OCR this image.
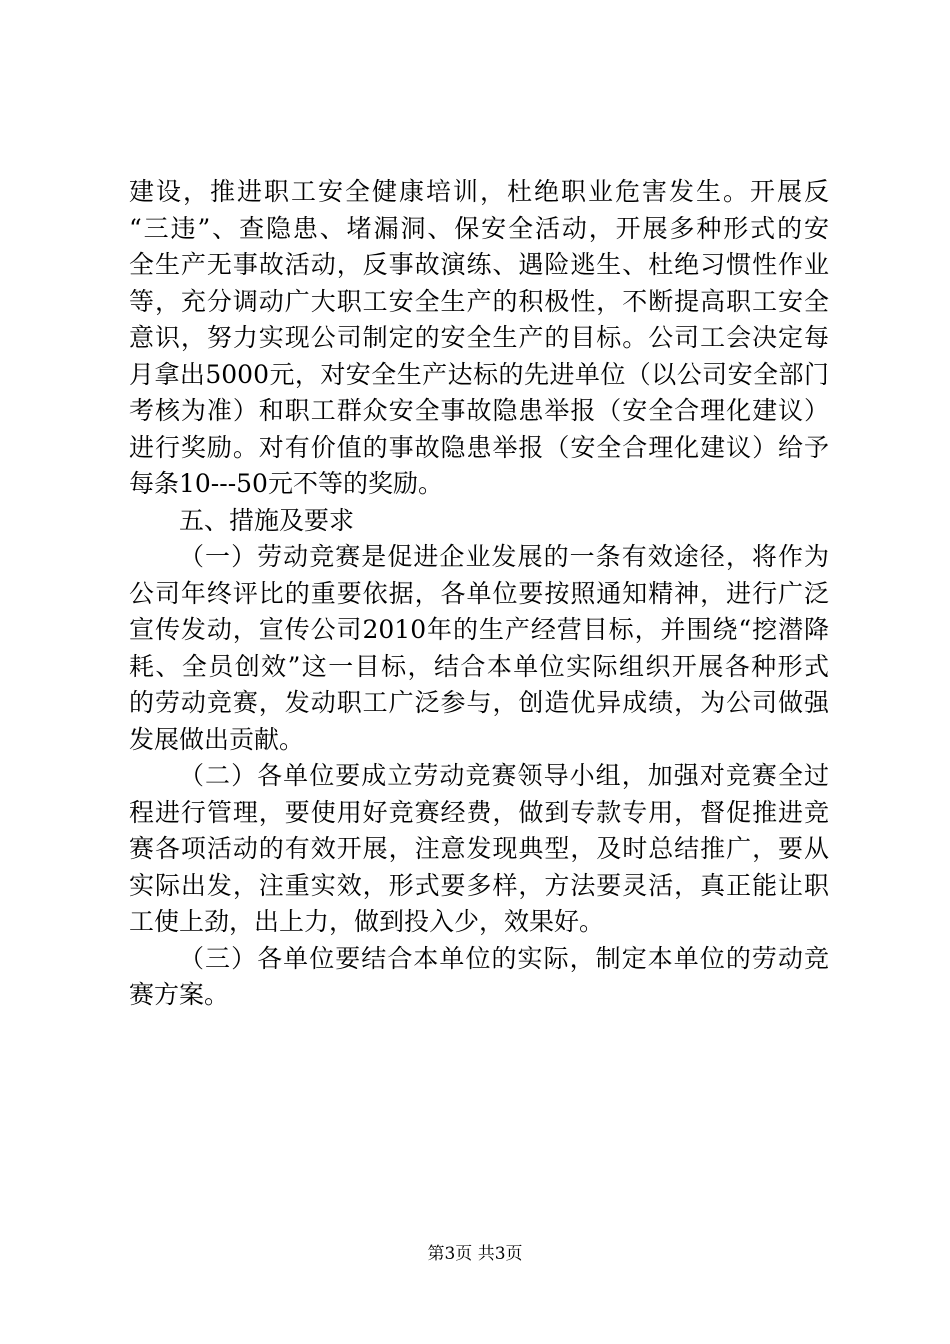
建设，推进职工安全健康培训，杜绝职业危害发生。开展反
“三违”、查隐患、堵漏洞、保安全活动，开展多种形式的安
全生产无事故活动，反事故演练、遇险逃生、杜绝习惯性作业
等，充分调动广大职工安全生产的积极性，不断提高职工安全
意识，努力实现公司制定的安全生产的目标。公司工会决定每
月拿出5000元，对安全生产达标的先进单位（以公司安全部门
考核为准）和职工群众安全事故隐患举报（安全合理化建议）
进行奖励。对有价值的事故隐患举报（安全合理化建议）给予
每条10---50元不等的奖励。
五、措施及要求
（一）劳动竞赛是促进企业发展的一条有效途径，将作为
公司年终评比的重要依据，各单位要按照通知精神，进行广泛
宣传发动，宣传公司2010年的生产经营目标，并围绕“挖潜降
耗、全员创效”这一目标，结合本单位实际组织开展各种形式
的劳动竞赛，发动职工广泛参与，创造优异成绩，为公司做强
发展做出贡献。
（二）各单位要成立劳动竞赛领导小组，加强对竞赛全过
程进行管理，要使用好竞赛经费，做到专款专用，督促推进竞
赛各项活动的有效开展，注意发现典型，及时总结推广，要从
实际出发，注重实效，形式要多样，方法要灵活，真正能让职
工使上劲，出上力，做到投入少，效果好。
（三）各单位要结合本单位的实际，制定本单位的劳动竞
赛方案。
第3页 共3页
